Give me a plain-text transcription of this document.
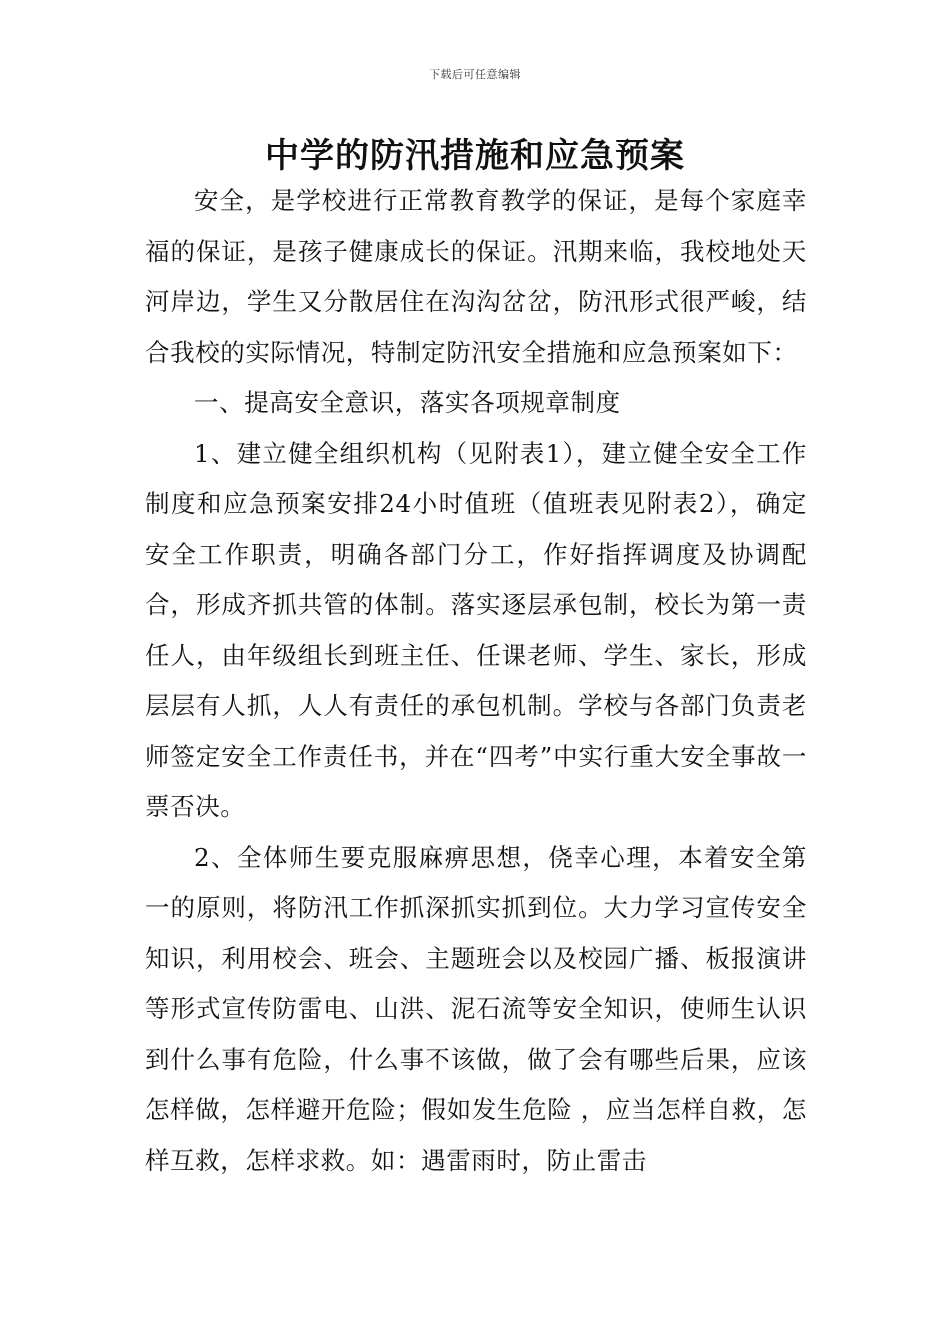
下载后可任意编辑
中学的防汛措施和应急预案

安全，是学校进行正常教育教学的保证，是每个家庭幸福的保证，是孩子健康成长的保证。汛期来临，我校地处天河岸边，学生又分散居住在沟沟岔岔，防汛形式很严峻，结合我校的实际情况，特制定防汛安全措施和应急预案如下：

一、提高安全意识，落实各项规章制度

1、建立健全组织机构（见附表1），建立健全安全工作制度和应急预案安排24小时值班（值班表见附表2），确定安全工作职责，明确各部门分工，作好指挥调度及协调配合，形成齐抓共管的体制。落实逐层承包制，校长为第一责任人，由年级组长到班主任、任课老师、学生、家长，形成层层有人抓，人人有责任的承包机制。学校与各部门负责老师签定安全工作责任书，并在“四考”中实行重大安全事故一票否决。

2、全体师生要克服麻痹思想，侥幸心理，本着安全第一的原则，将防汛工作抓深抓实抓到位。大力学习宣传安全知识，利用校会、班会、主题班会以及校园广播、板报演讲等形式宣传防雷电、山洪、泥石流等安全知识，使师生认识到什么事有危险，什么事不该做，做了会有哪些后果，应该怎样做，怎样避开危险；假如发生危险 ，应当怎样自救，怎样互救，怎样求救。如：遇雷雨时，防止雷击
